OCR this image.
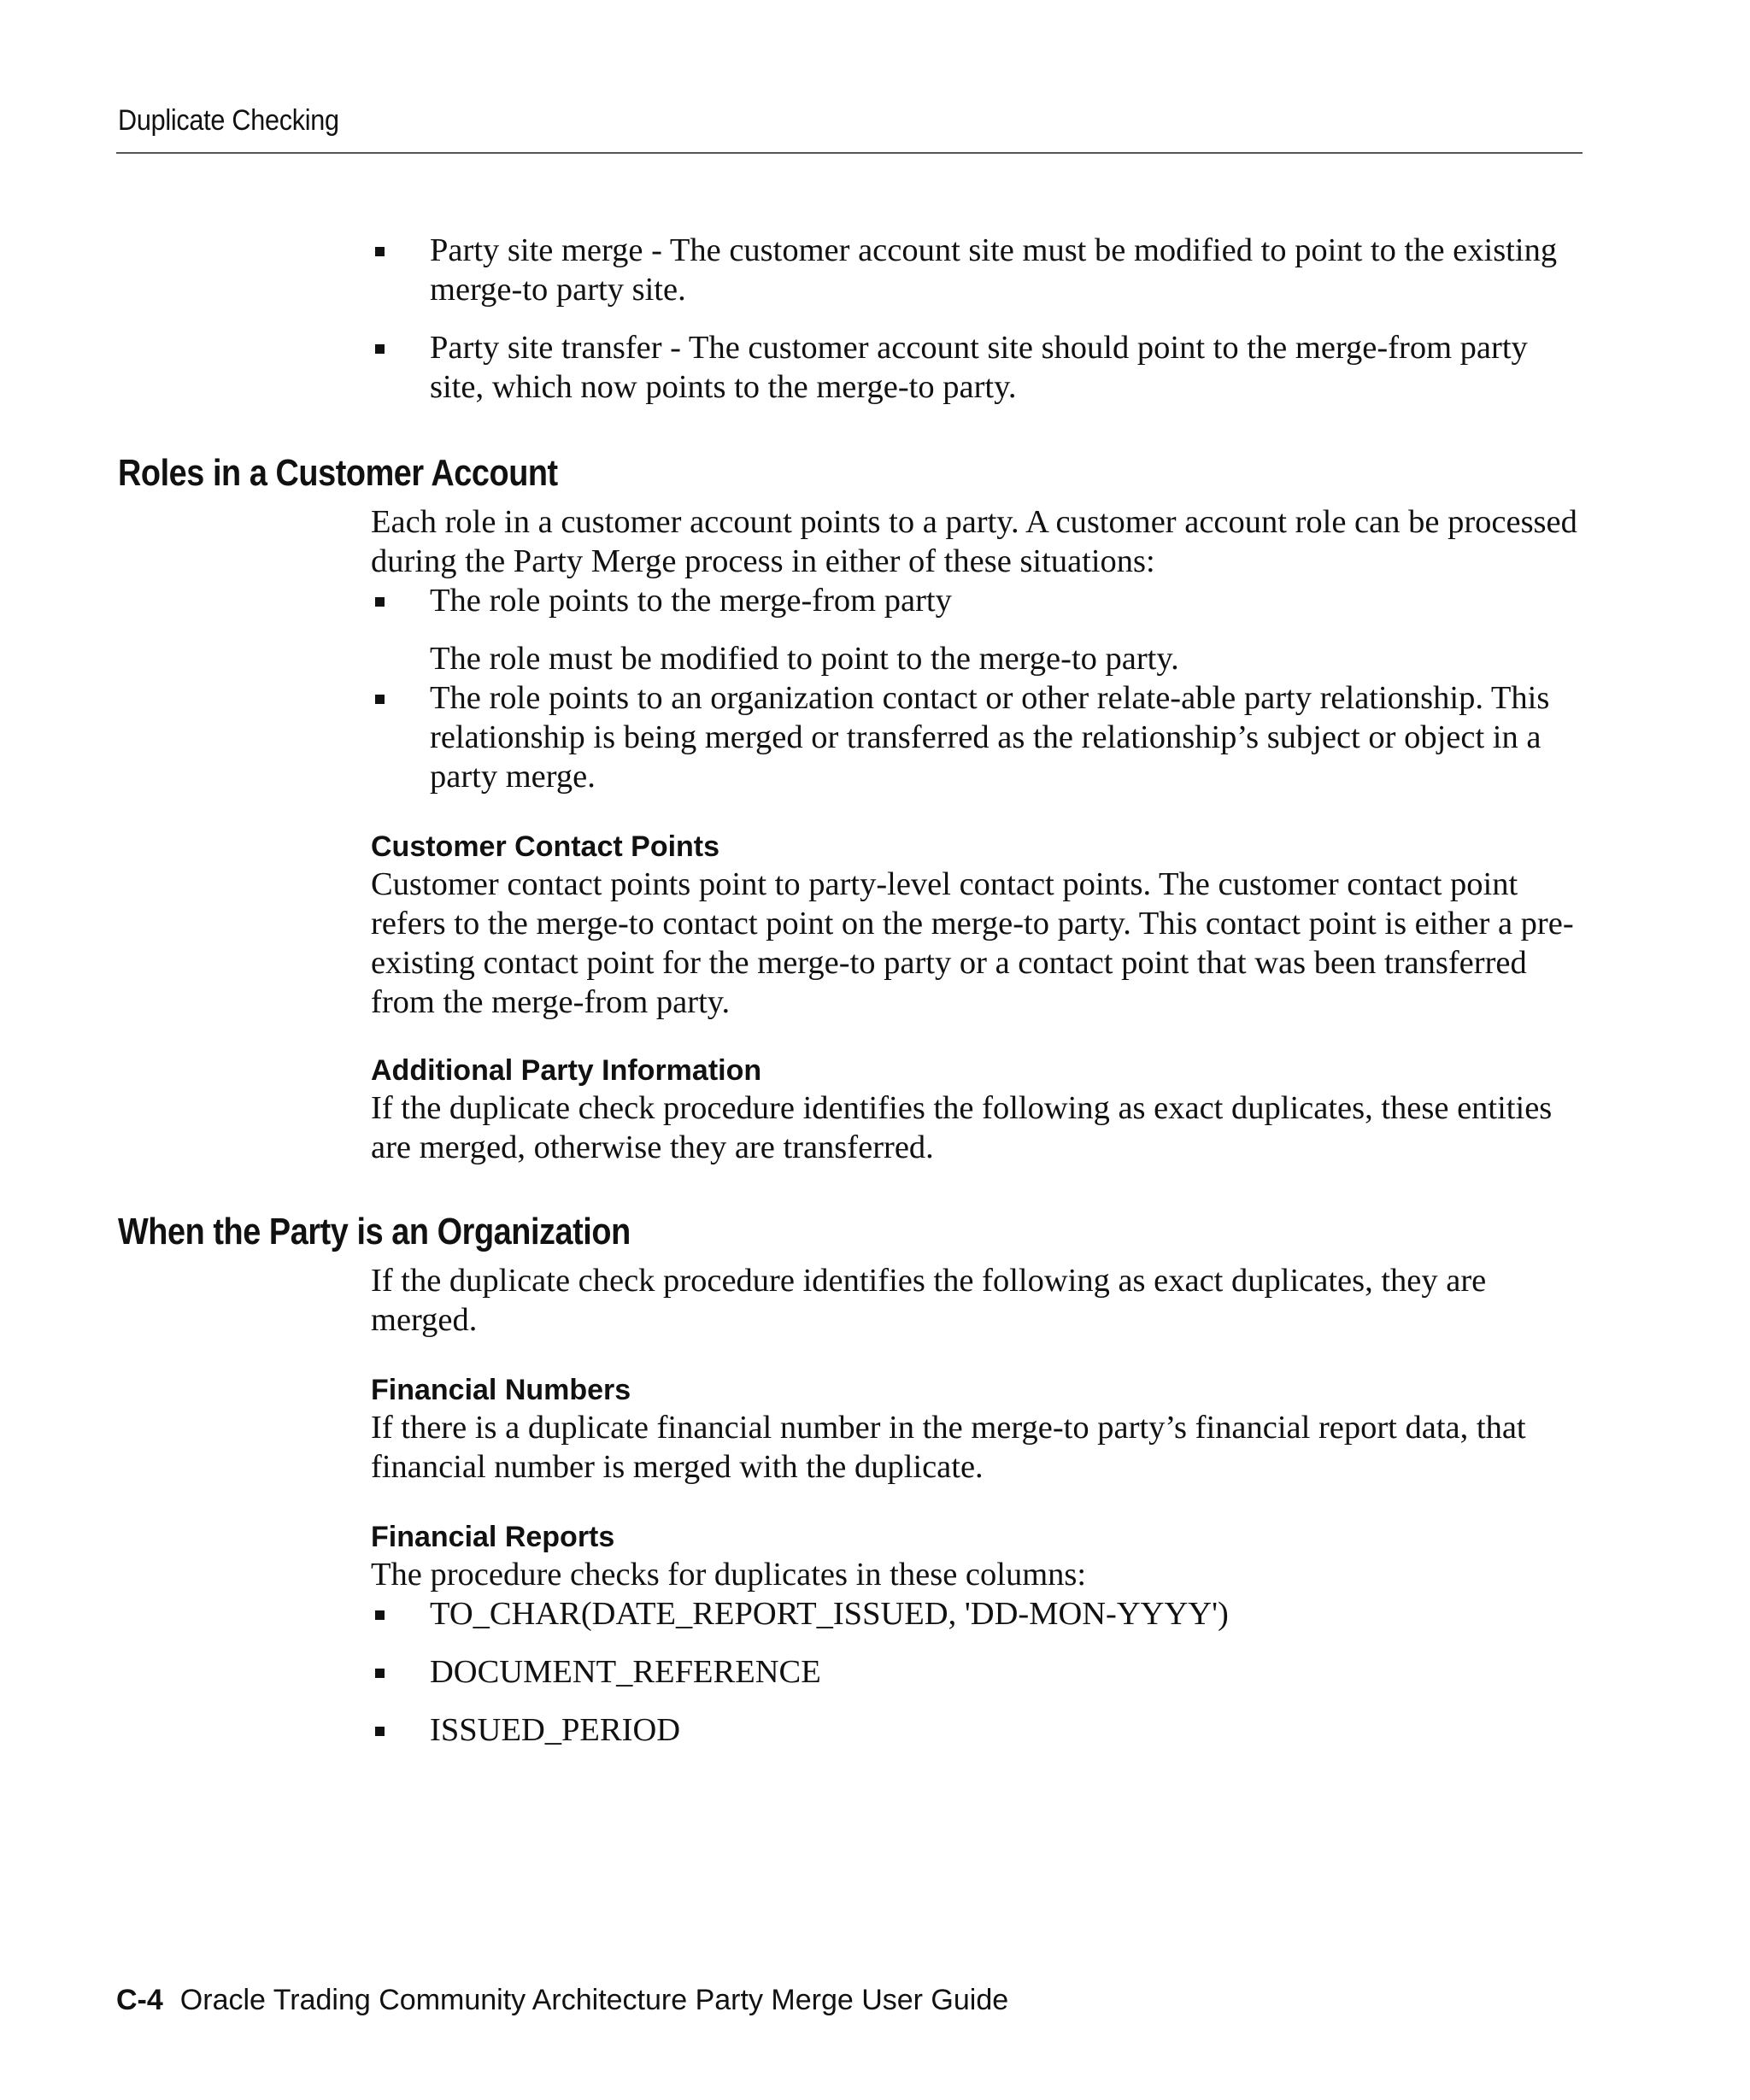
Duplicate Checking
Party site merge - The customer account site must be modified to point to the existing merge-to party site.
Party site transfer - The customer account site should point to the merge-from party site, which now points to the merge-to party.
Roles in a Customer Account

Each role in a customer account points to a party. A customer account role can be processed during the Party Merge process in either of these situations:

The role points to the merge-from party

The role must be modified to point to the merge-to party.

The role points to an organization contact or other relate-able party relationship. This relationship is being merged or transferred as the relationship’s subject or object in a party merge.
Customer Contact Points

Customer contact points point to party-level contact points. The customer contact point refers to the merge-to contact point on the merge-to party. This contact point is either a pre-existing contact point for the merge-to party or a contact point that was been transferred from the merge-from party.

Additional Party Information

If the duplicate check procedure identifies the following as exact duplicates, these entities are merged, otherwise they are transferred.

When the Party is an Organization

If the duplicate check procedure identifies the following as exact duplicates, they are merged.

Financial Numbers

If there is a duplicate financial number in the merge-to party’s financial report data, that financial number is merged with the duplicate.

Financial Reports

The procedure checks for duplicates in these columns:

TO_CHAR(DATE_REPORT_ISSUED, 'DD-MON-YYYY')
DOCUMENT_REFERENCE
ISSUED_PERIOD
C-4 Oracle Trading Community Architecture Party Merge User Guide
